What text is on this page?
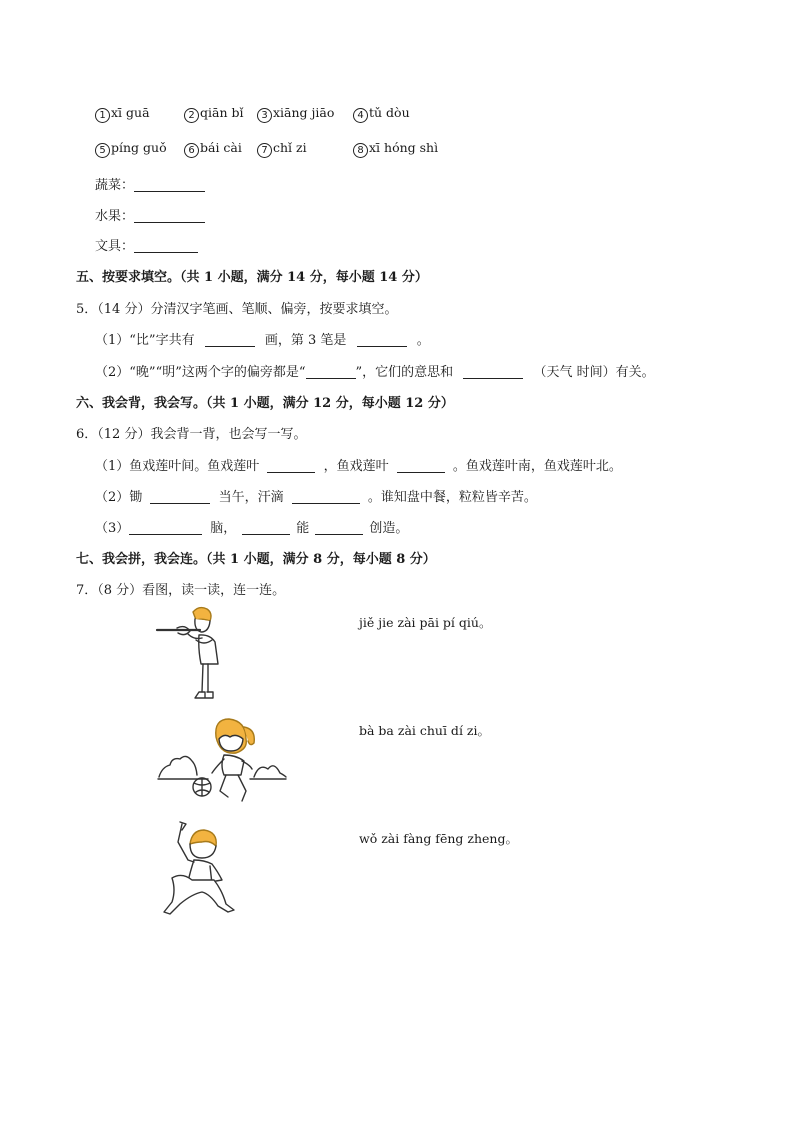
1 xī guā	2 qiān bǐ	3 xiāng jiāo	4 tǔ dòu
5 píng guǒ	6 bái cài	7 chǐ zi	8 xī hóng shì
蔬菜：
水果：
文具：
五、按要求填空。（共 1 小题，满分 14 分，每小题 14 分）
5．（14 分）分清汉字笔画、笔顺、偏旁，按要求填空。
（1）“比”字共有	画，第 3 笔是	。
（2）“晚”“明”这两个字的偏旁都是“	”，它们的意思和	（天气 时间）有关。
六、我会背，我会写。（共 1 小题，满分 12 分，每小题 12 分）
6．（12 分）我会背一背，也会写一写。
（1）鱼戏莲叶间。鱼戏莲叶	，鱼戏莲叶	。鱼戏莲叶南，鱼戏莲叶北。
（2）锄	当午，汗滴	。谁知盘中餐，粒粒皆辛苦。
（3）	脑，	能	创造。
七、我会拼，我会连。（共 1 小题，满分 8 分，每小题 8 分）
7．（8 分）看图，读一读，连一连。
jiě jie zài pāi pí qiú。
bà ba zài chuī dí zi。
wǒ zài fàng fēng zheng。
